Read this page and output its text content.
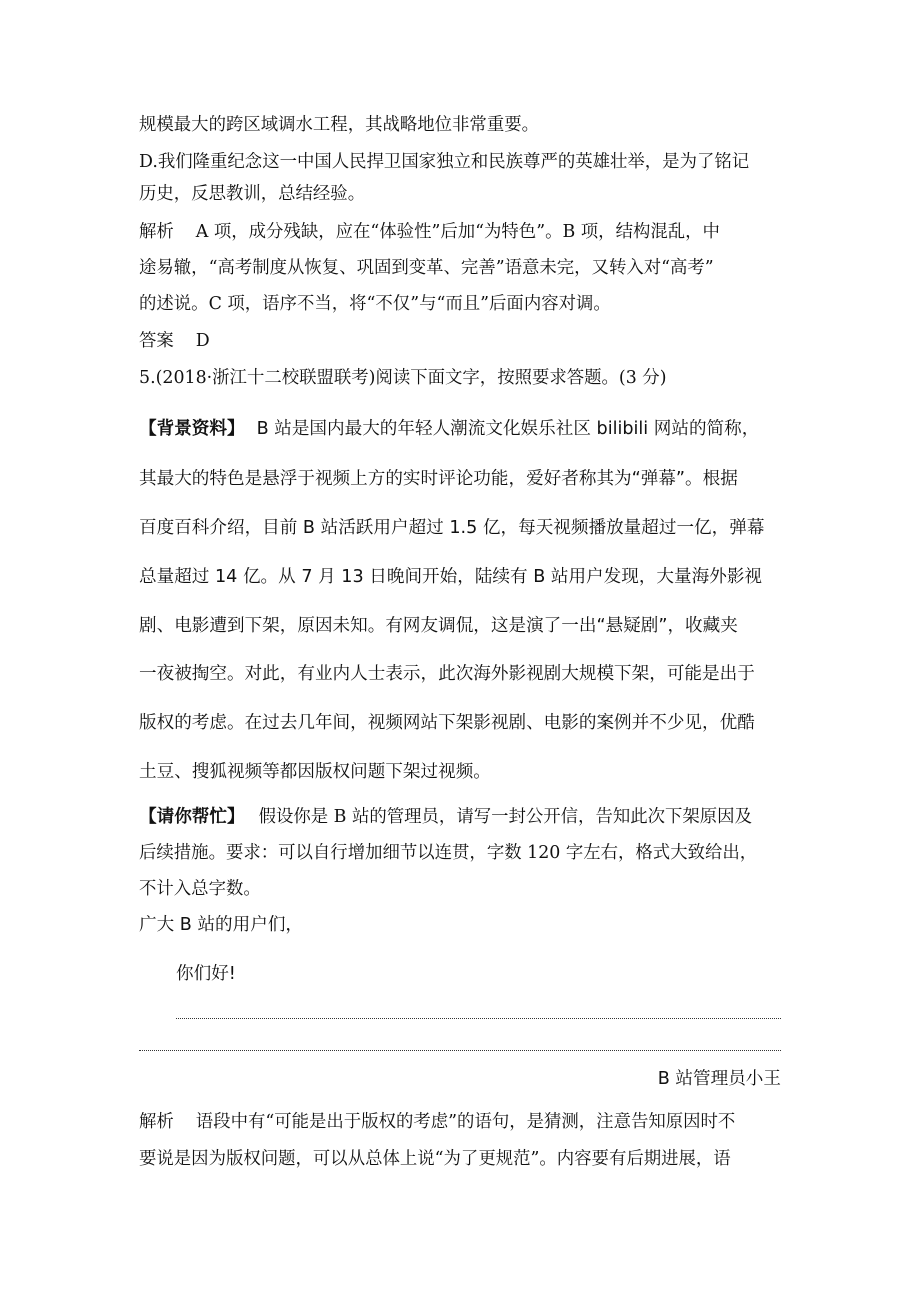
规模最大的跨区域调水工程，其战略地位非常重要。
D.我们隆重纪念这一中国人民捍卫国家独立和民族尊严的英雄壮举，是为了铭记
历史，反思教训，总结经验。
解析 A 项，成分残缺，应在“体验性”后加“为特色”。B 项，结构混乱，中
途易辙，“高考制度从恢复、巩固到变革、完善”语意未完，又转入对“高考”
的述说。C 项，语序不当，将“不仅”与“而且”后面内容对调。
答案 D
5.(2018·浙江十二校联盟联考)阅读下面文字，按照要求答题。(3 分)
【背景资料】 B 站是国内最大的年轻人潮流文化娱乐社区 bilibili 网站的简称，
其最大的特色是悬浮于视频上方的实时评论功能，爱好者称其为“弹幕”。根据
百度百科介绍，目前 B 站活跃用户超过 1.5 亿，每天视频播放量超过一亿，弹幕
总量超过 14 亿。从 7 月 13 日晚间开始，陆续有 B 站用户发现，大量海外影视
剧、电影遭到下架，原因未知。有网友调侃，这是演了一出“悬疑剧”，收藏夹
一夜被掏空。对此，有业内人士表示，此次海外影视剧大规模下架，可能是出于
版权的考虑。在过去几年间，视频网站下架影视剧、电影的案例并不少见，优酷
土豆、搜狐视频等都因版权问题下架过视频。
【请你帮忙】 假设你是 B 站的管理员，请写一封公开信，告知此次下架原因及
后续措施。要求：可以自行增加细节以连贯，字数 120 字左右，格式大致给出，
不计入总字数。
广大 B 站的用户们，
你们好!
B 站管理员小王
解析 语段中有“可能是出于版权的考虑”的语句，是猜测，注意告知原因时不
要说是因为版权问题，可以从总体上说“为了更规范”。内容要有后期进展，语
